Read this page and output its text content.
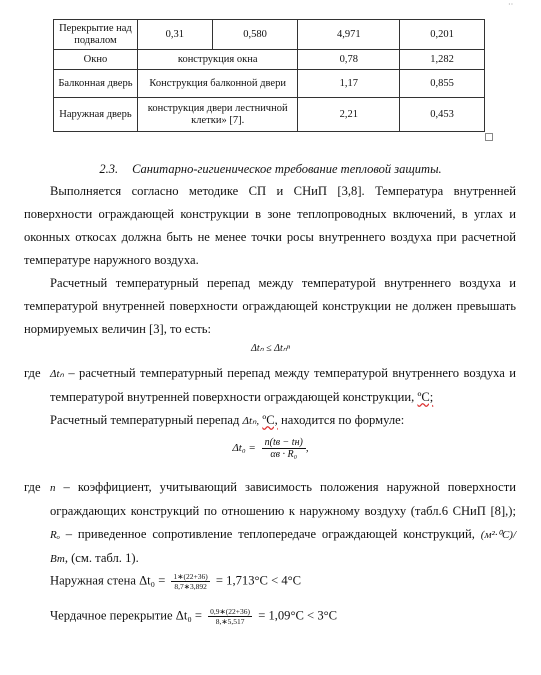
··
Перекрытие над подвалом	0,31	0,580	4,971	0,201
Окно	конструкция окна		0,78	1,282
Балконная дверь	Конструкция балконной двери		1,17	0,855
Наружная дверь	конструкция двери лестничной клетки» [7].		2,21	0,453
2.3. Санитарно-гигиеническое требование тепловой защиты.
Выполняется согласно методике СП и СНиП [3,8]. Температура внутренней поверхности ограждающей конструкции в зоне теплопроводных включений, в углах и оконных откосах должна быть не менее точки росы внутреннего воздуха при расчетной температуре наружного воздуха.
Расчетный температурный перепад между температурой внутреннего воздуха и температурой внутренней поверхности ограждающей конструкции не должен превышать нормируемых величин [3], то есть:
Δtₙ ≤ Δtₙⁿ
где Δtₙ – расчетный температурный перепад между температурой внутреннего воздуха и температурой внутренней поверхности ограждающей конструкции, ºС;
Расчетный температурный перепад Δtₙ, ºС, находится по формуле:
Δt₀ = n(tв − tн)
αв · R₀
,
где n – коэффициент, учитывающий зависимость положения наружной поверхности ограждающих конструкций по отношению к наружному воздуху (табл.6 СНиП [8],); Rₒ – приведенное сопротивление теплопередаче ограждающей конструкций, (м²·⁰С)/ Вт, (см. табл. 1).
Наружная стена $\Delta t_0 = \frac{1∗(22+36)}{8,7∗3,892} = 1,713^\circ C < 4^\circ C$
Чердачное перекрытие $\Delta t_0 = \frac{0,9∗(22+36)}{8,∗5,517} = 1,09^\circ C < 3^\circ C$
